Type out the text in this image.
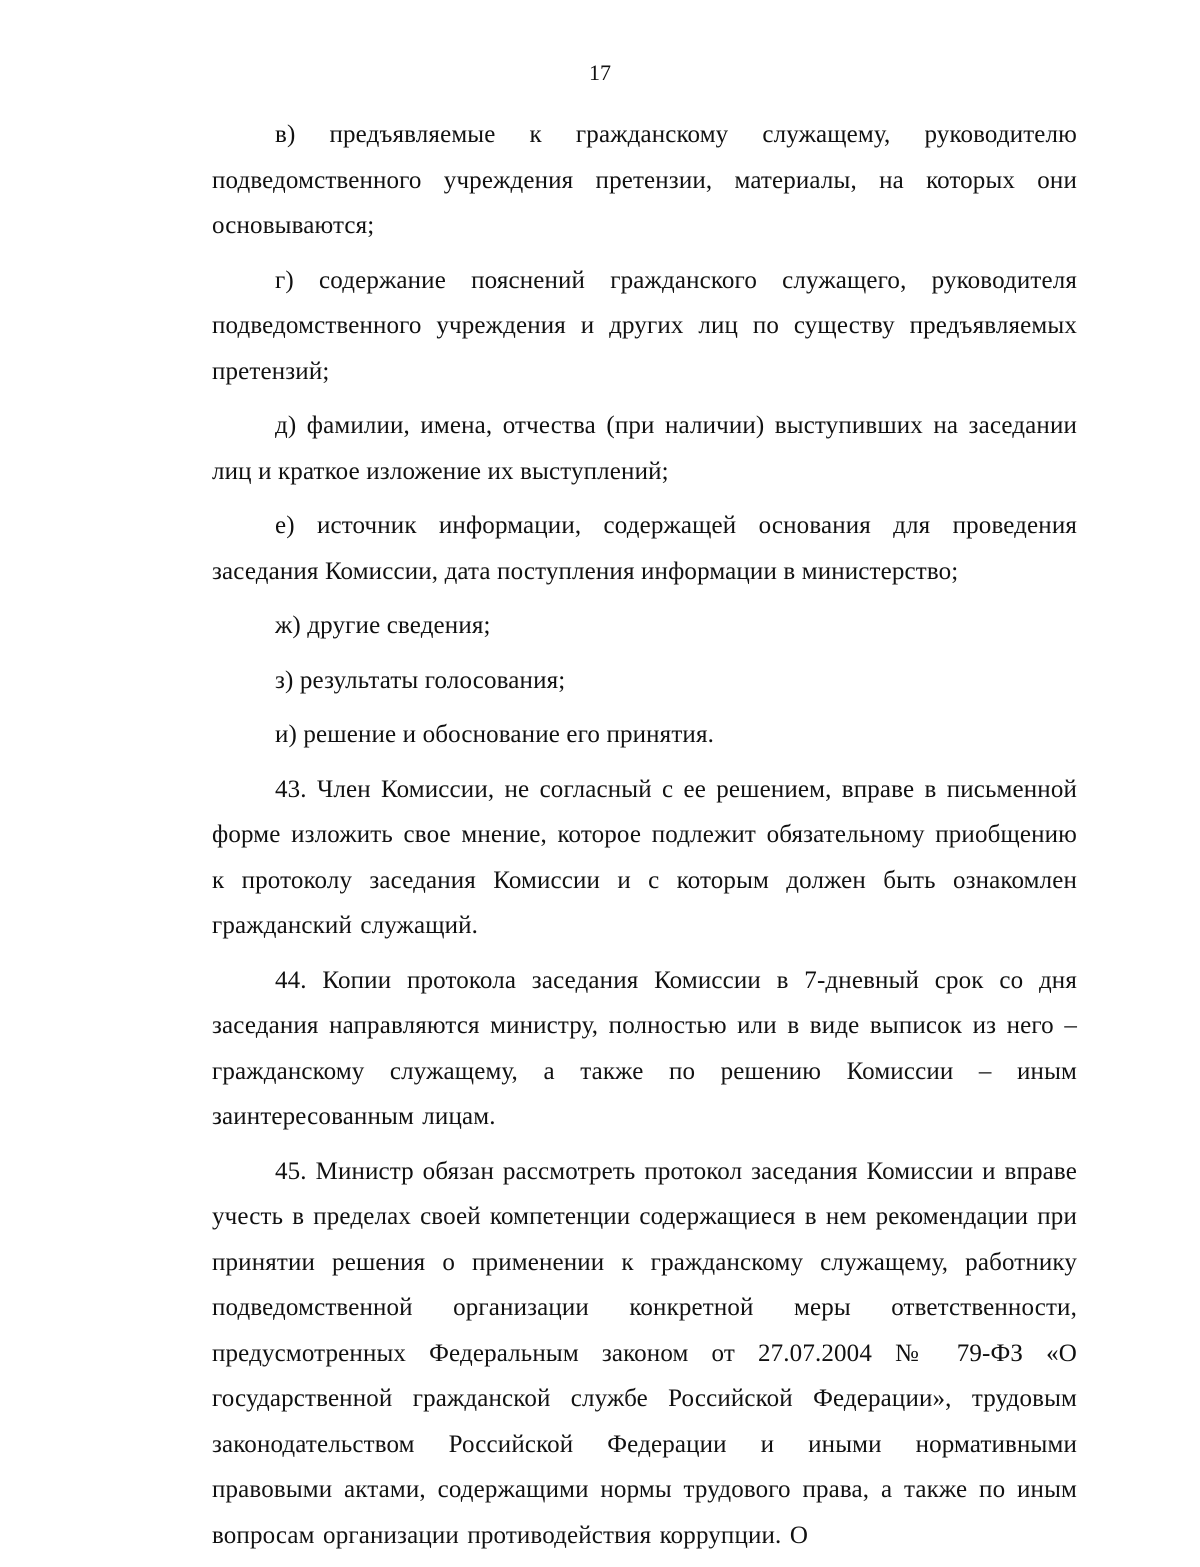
17

в) предъявляемые к гражданскому служащему, руководителю подведомственного учреждения претензии, материалы, на которых они основываются;

г) содержание пояснений гражданского служащего, руководителя подведомственного учреждения и других лиц по существу предъявляемых претензий;

д) фамилии, имена, отчества (при наличии) выступивших на заседании лиц и краткое изложение их выступлений;

е) источник информации, содержащей основания для проведения заседания Комиссии, дата поступления информации в министерство;

ж) другие сведения;

з) результаты голосования;

и) решение и обоснование его принятия.

43. Член Комиссии, не согласный с ее решением, вправе в письменной форме изложить свое мнение, которое подлежит обязательному приобщению к протоколу заседания Комиссии и с которым должен быть ознакомлен гражданский служащий.

44. Копии протокола заседания Комиссии в 7-дневный срок со дня заседания направляются министру, полностью или в виде выписок из него – гражданскому служащему, а также по решению Комиссии – иным заинтересованным лицам.

45. Министр обязан рассмотреть протокол заседания Комиссии и вправе учесть в пределах своей компетенции содержащиеся в нем рекомендации при принятии решения о применении к гражданскому служащему, работнику подведомственной организации конкретной меры ответственности, предусмотренных Федеральным законом от 27.07.2004 № 79-ФЗ «О государственной гражданской службе Российской Федерации», трудовым законодательством Российской Федерации и иными нормативными правовыми актами, содержащими нормы трудового права, а также по иным вопросам организации противодействия коррупции. О
